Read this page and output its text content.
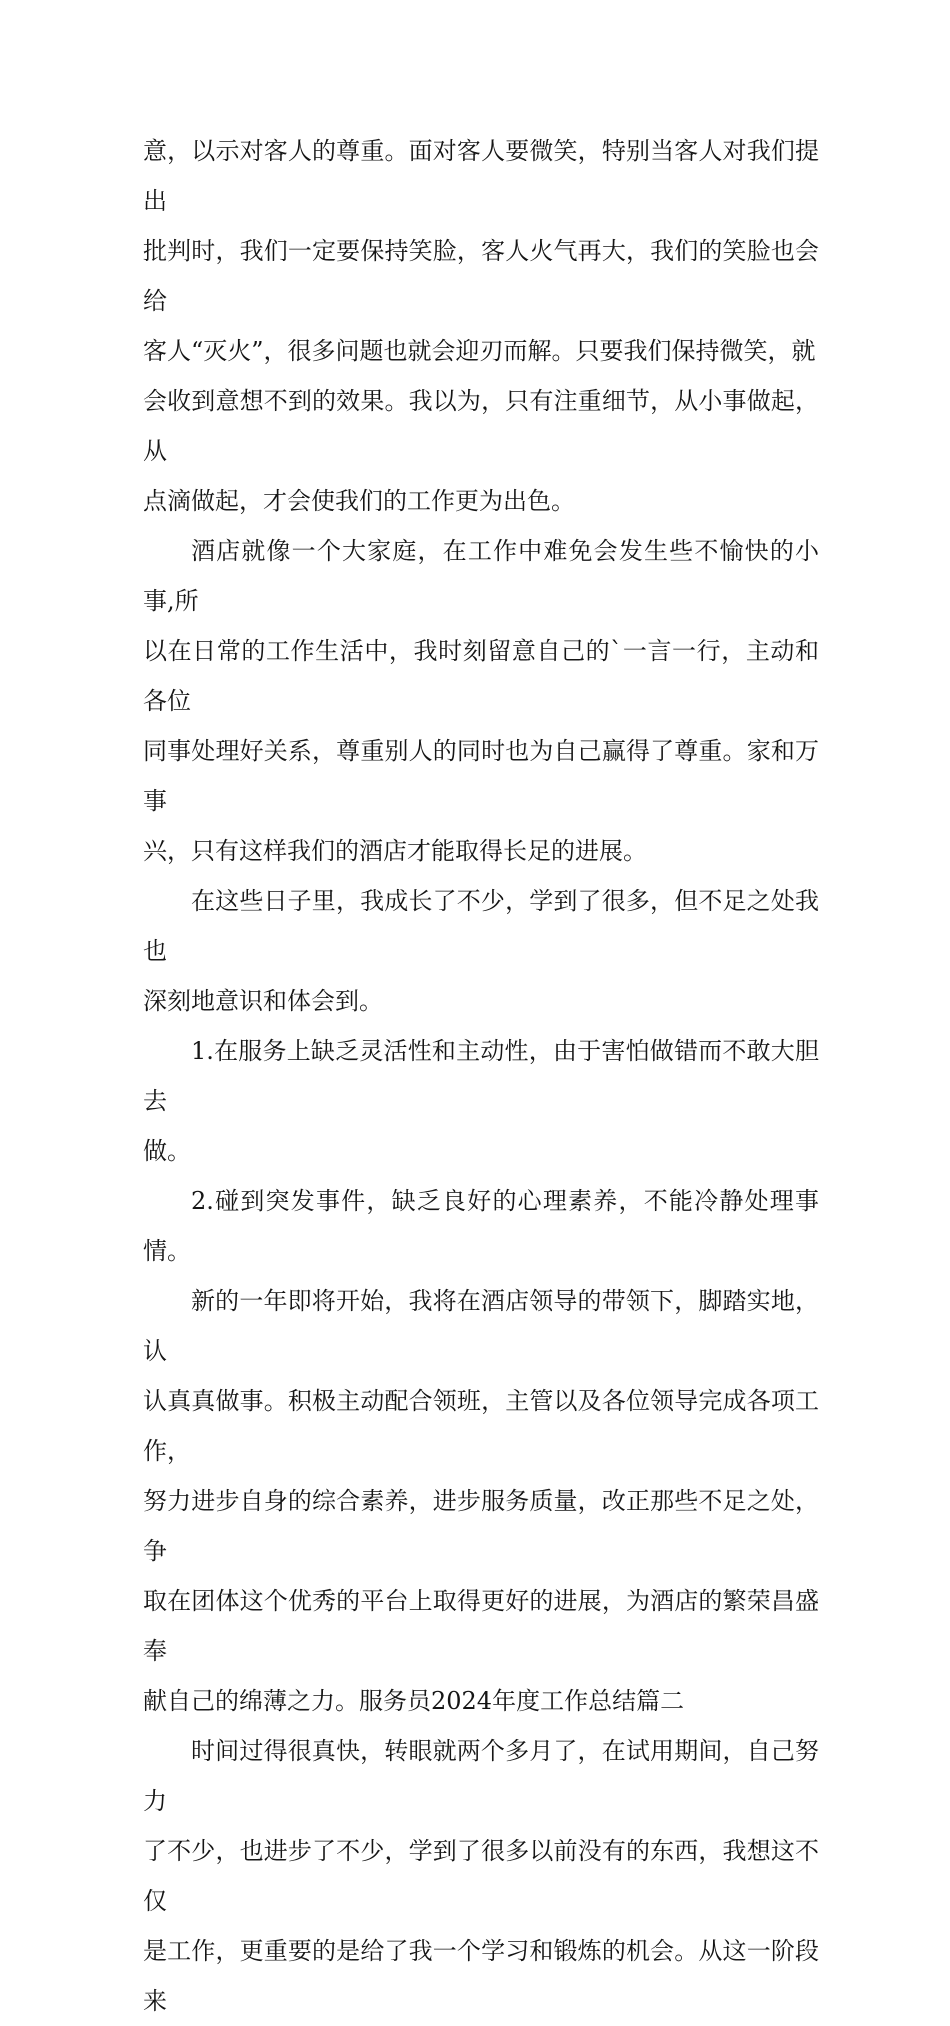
意，以示对客人的尊重。面对客人要微笑，特别当客人对我们提出

批判时，我们一定要保持笑脸，客人火气再大，我们的笑脸也会给

客人“灭火”，很多问题也就会迎刃而解。只要我们保持微笑，就

会收到意想不到的效果。我以为，只有注重细节，从小事做起，从

点滴做起，才会使我们的工作更为出色。

酒店就像一个大家庭，在工作中难免会发生些不愉快的小事,所

以在日常的工作生活中，我时刻留意自己的`一言一行，主动和各位

同事处理好关系，尊重别人的同时也为自己赢得了尊重。家和万事

兴，只有这样我们的酒店才能取得长足的进展。

在这些日子里，我成长了不少，学到了很多，但不足之处我也

深刻地意识和体会到。

1.在服务上缺乏灵活性和主动性，由于害怕做错而不敢大胆去

做。

2.碰到突发事件，缺乏良好的心理素养，不能冷静处理事情。

新的一年即将开始，我将在酒店领导的带领下，脚踏实地，认

认真真做事。积极主动配合领班，主管以及各位领导完成各项工作，

努力进步自身的综合素养，进步服务质量，改正那些不足之处，争

取在团体这个优秀的平台上取得更好的进展，为酒店的繁荣昌盛奉

献自己的绵薄之力。服务员2024年度工作总结篇二

时间过得很真快，转眼就两个多月了，在试用期间，自己努力

了不少，也进步了不少，学到了很多以前没有的东西，我想这不仅

是工作，更重要的是给了我一个学习和锻炼的机会。从这一阶段来
